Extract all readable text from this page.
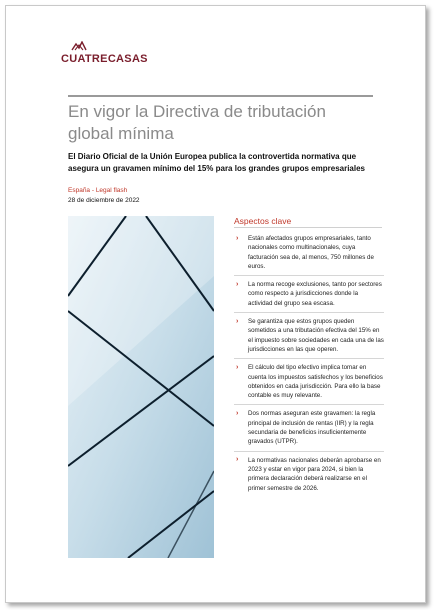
CUATRECASAS
En vigor la Directiva de tributación global mínima
El Diario Oficial de la Unión Europea publica la controvertida normativa que asegura un gravamen mínimo del 15% para los grandes grupos empresariales
España - Legal flash
28 de diciembre de 2022
Aspectos clave
› Están afectados grupos empresariales, tanto nacionales como multinacionales, cuya facturación sea de, al menos, 750 millones de euros.
› La norma recoge exclusiones, tanto por sectores como respecto a jurisdicciones donde la actividad del grupo sea escasa.
› Se garantiza que estos grupos queden sometidos a una tributación efectiva del 15% en el impuesto sobre sociedades en cada una de las jurisdicciones en las que operen.
› El cálculo del tipo efectivo implica tomar en cuenta los impuestos satisfechos y los beneficios obtenidos en cada jurisdicción. Para ello la base contable es muy relevante.
› Dos normas aseguran este gravamen: la regla principal de inclusión de rentas (IIR) y la regla secundaria de beneficios insuficientemente gravados (UTPR).
› La normativas nacionales deberán aprobarse en 2023 y estar en vigor para 2024, si bien la primera declaración deberá realizarse en el primer semestre de 2026.
